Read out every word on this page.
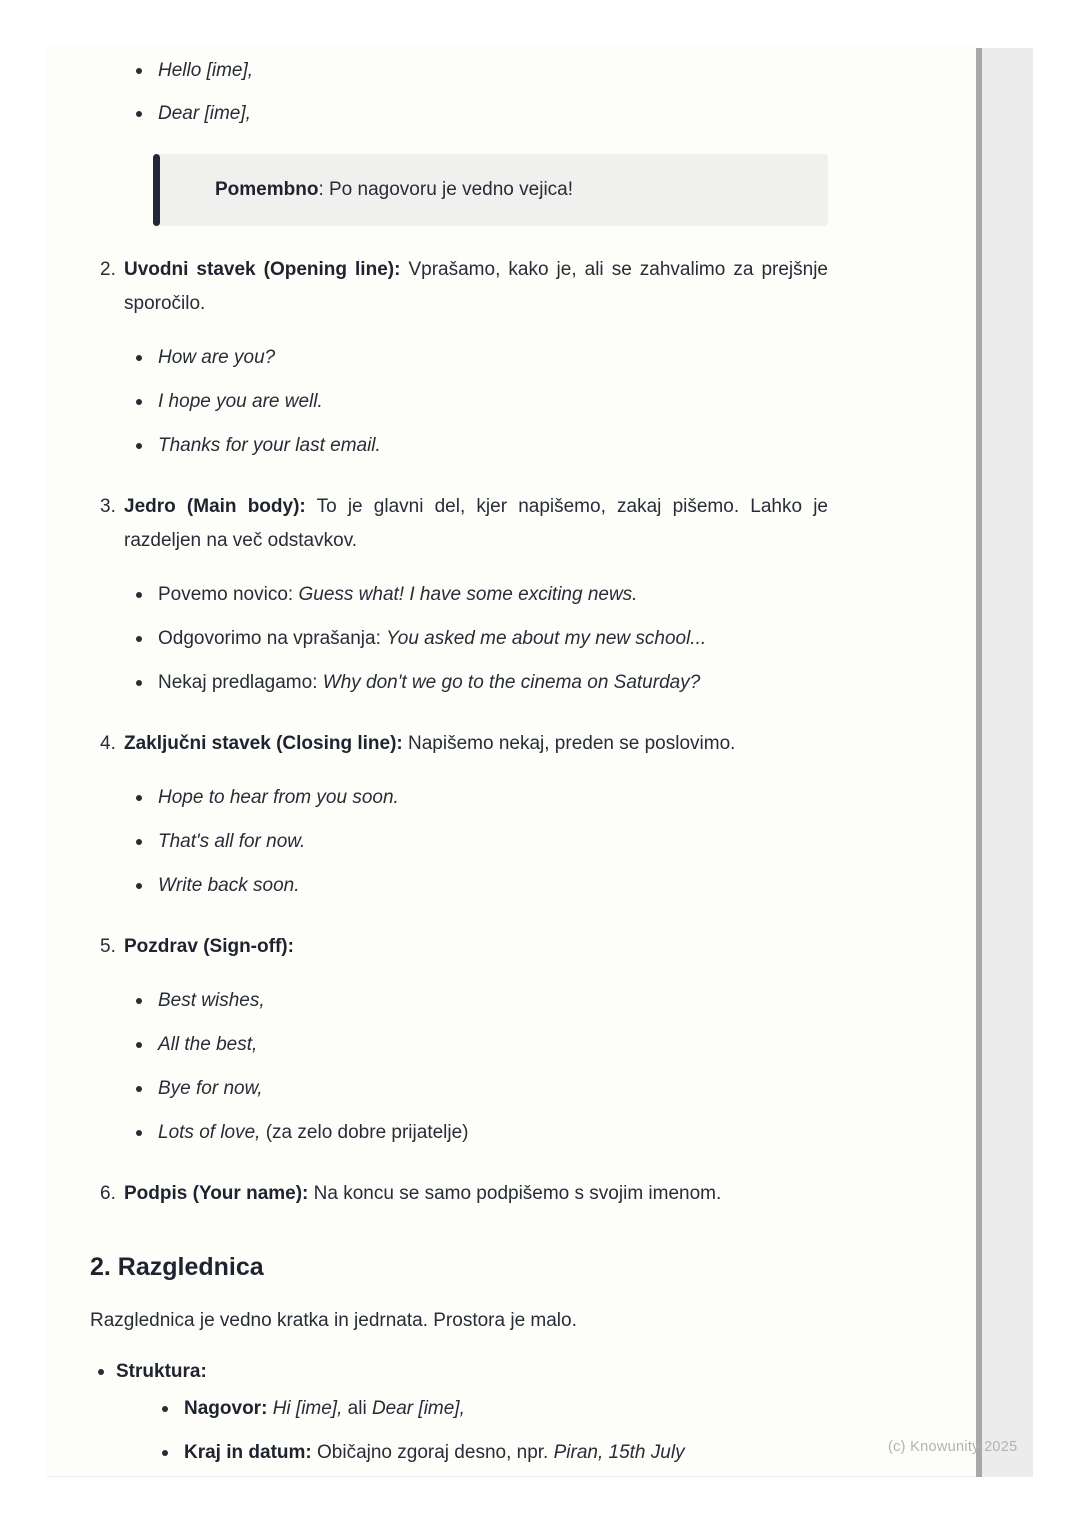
Hello [ime],
Dear [ime],
Pomembno: Po nagovoru je vedno vejica!
2. Uvodni stavek (Opening line): Vprašamo, kako je, ali se zahvalimo za prejšnje sporočilo.
How are you?
I hope you are well.
Thanks for your last email.
3. Jedro (Main body): To je glavni del, kjer napišemo, zakaj pišemo. Lahko je razdeljen na več odstavkov.
Povemo novico: Guess what! I have some exciting news.
Odgovorimo na vprašanja: You asked me about my new school...
Nekaj predlagamo: Why don't we go to the cinema on Saturday?
4. Zaključni stavek (Closing line): Napišemo nekaj, preden se poslovimo.
Hope to hear from you soon.
That's all for now.
Write back soon.
5. Pozdrav (Sign-off):
Best wishes,
All the best,
Bye for now,
Lots of love, (za zelo dobre prijatelje)
6. Podpis (Your name): Na koncu se samo podpišemo s svojim imenom.
2. Razglednica

Razglednica je vedno kratka in jedrnata. Prostora je malo.

Struktura:
Nagovor: Hi [ime], ali Dear [ime],
Kraj in datum: Običajno zgoraj desno, npr. Piran, 15th July	(c) Knowunity 2025
